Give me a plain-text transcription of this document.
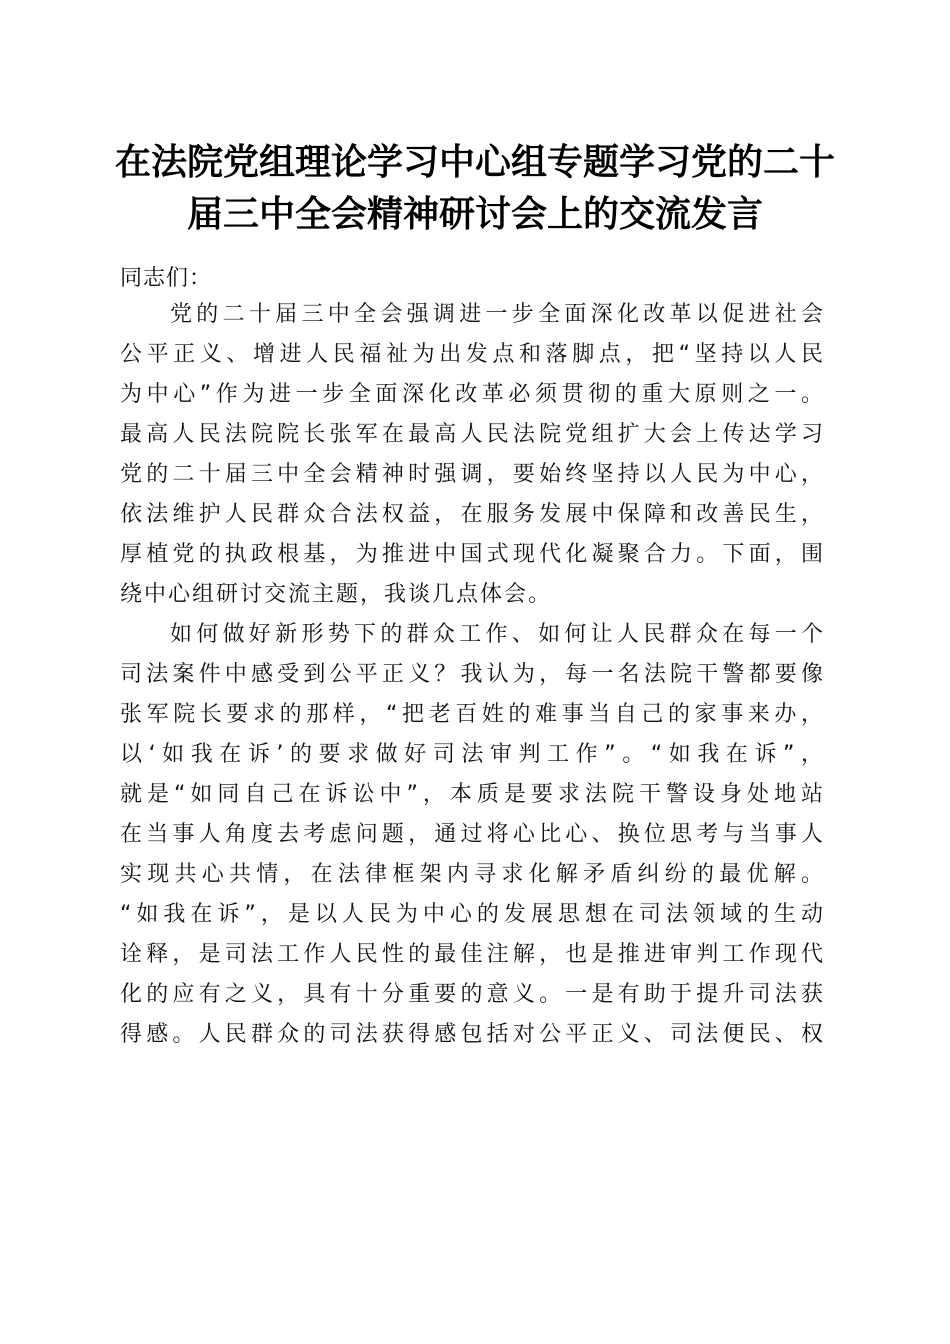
在法院党组理论学习中心组专题学习党的二十
届三中全会精神研讨会上的交流发言

同志们：

党的二十届三中全会强调进一步全面深化改革以促进社会
公平正义、增进人民福祉为出发点和落脚点，把“坚持以人民
为中心”作为进一步全面深化改革必须贯彻的重大原则之一。
最高人民法院院长张军在最高人民法院党组扩大会上传达学习
党的二十届三中全会精神时强调，要始终坚持以人民为中心，
依法维护人民群众合法权益，在服务发展中保障和改善民生，
厚植党的执政根基，为推进中国式现代化凝聚合力。下面，围
绕中心组研讨交流主题，我谈几点体会。
如何做好新形势下的群众工作、如何让人民群众在每一个
司法案件中感受到公平正义？我认为，每一名法院干警都要像
张军院长要求的那样，“把老百姓的难事当自己的家事来办，
以‘如我在诉’的要求做好司法审判工作”。“如我在诉”，
就是“如同自己在诉讼中”，本质是要求法院干警设身处地站
在当事人角度去考虑问题，通过将心比心、换位思考与当事人
实现共心共情，在法律框架内寻求化解矛盾纠纷的最优解。
“如我在诉”，是以人民为中心的发展思想在司法领域的生动
诠释，是司法工作人民性的最佳注解，也是推进审判工作现代
化的应有之义，具有十分重要的意义。一是有助于提升司法获
得感。人民群众的司法获得感包括对公平正义、司法便民、权
